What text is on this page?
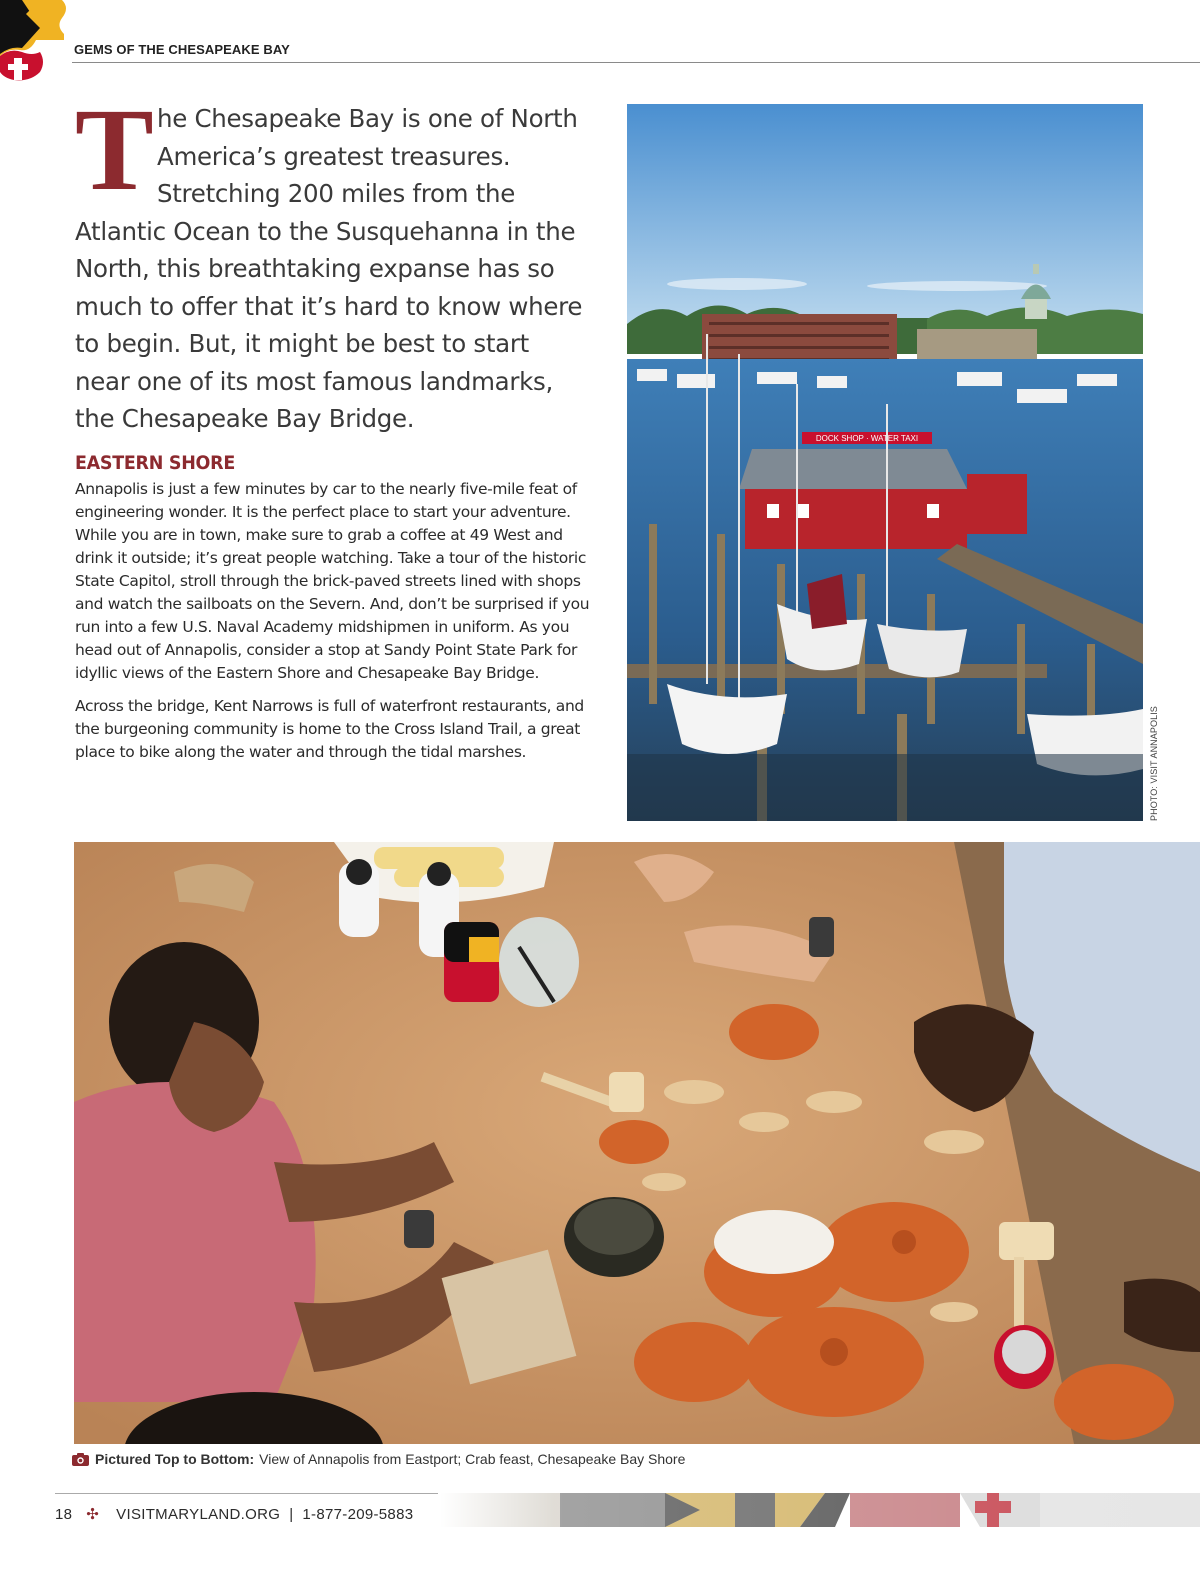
GEMS OF THE CHESAPEAKE BAY
T he Chesapeake Bay is one of North America’s greatest treasures. Stretching 200 miles from the Atlantic Ocean to the Susquehanna in the North, this breathtaking expanse has so much to offer that it’s hard to know where to begin. But, it might be best to start near one of its most famous landmarks, the Chesapeake Bay Bridge.

EASTERN SHORE

Annapolis is just a few minutes by car to the nearly five-mile feat of engineering wonder. It is the perfect place to start your adventure. While you are in town, make sure to grab a coffee at 49 West and drink it outside; it’s great people watching. Take a tour of the historic State Capitol, stroll through the brick-paved streets lined with shops and watch the sailboats on the Severn. And, don’t be surprised if you run into a few U.S. Naval Academy midshipmen in uniform. As you head out of Annapolis, consider a stop at Sandy Point State Park for idyllic views of the Eastern Shore and Chesapeake Bay Bridge.

Across the bridge, Kent Narrows is full of waterfront restaurants, and the burgeoning community is home to the Cross Island Trail, a great place to bike along the water and through the tidal marshes.

DOCK SHOP · WATER TAXI
PHOTO: VISIT ANNAPOLIS
Pictured Top to Bottom: View of Annapolis from Eastport; Crab feast, Chesapeake Bay Shore
18 ✣ VISITMARYLAND.ORG | 1-877-209-5883
